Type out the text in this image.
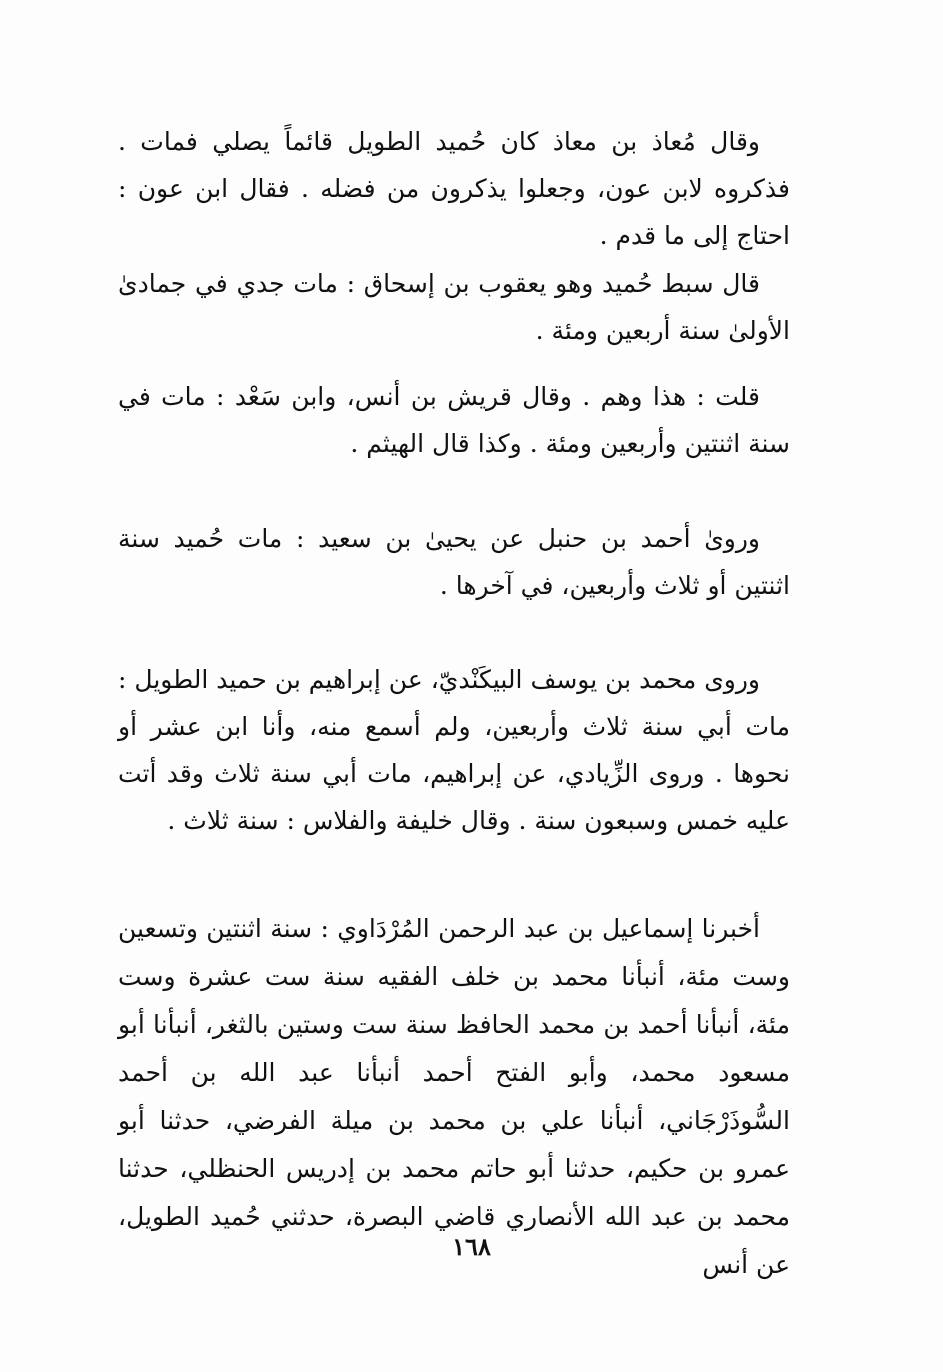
وقال مُعاذ بن معاذ كان حُميد الطويل قائماً يصلي فمات . فذكروه لابن عون، وجعلوا يذكرون من فضله . فقال ابن عون : احتاج إلى ما قدم .

قال سبط حُميد وهو يعقوب بن إسحاق : مات جدي في جمادىٰ الأولىٰ سنة أربعين ومئة .

قلت : هذا وهم . وقال قريش بن أنس، وابن سَعْد : مات في سنة اثنتين وأربعين ومئة . وكذا قال الهيثم .

ورویٰ أحمد بن حنبل عن يحيىٰ بن سعيد : مات حُميد سنة اثنتين أو ثلاث وأربعين، في آخرها .

وروى محمد بن يوسف البيكَنْديّ، عن إبراهيم بن حميد الطويل : مات أبي سنة ثلاث وأربعين، ولم أسمع منه، وأنا ابن عشر أو نحوها . وروى الزِّيادي، عن إبراهيم، مات أبي سنة ثلاث وقد أتت عليه خمس وسبعون سنة . وقال خليفة والفلاس : سنة ثلاث .

أخبرنا إسماعيل بن عبد الرحمن المُرْدَاوي : سنة اثنتين وتسعين وست مئة، أنبأنا محمد بن خلف الفقيه سنة ست عشرة وست مئة، أنبأنا أحمد بن محمد الحافظ سنة ست وستين بالثغر، أنبأنا أبو مسعود محمد، وأبو الفتح أحمد أنبأنا عبد الله بن أحمد السُّوذَرْجَاني، أنبأنا علي بن محمد بن ميلة الفرضي، حدثنا أبو عمرو بن حكيم، حدثنا أبو حاتم محمد بن إدريس الحنظلي، حدثنا محمد بن عبد الله الأنصاري قاضي البصرة، حدثني حُميد الطويل، عن أنس

١٦٨
